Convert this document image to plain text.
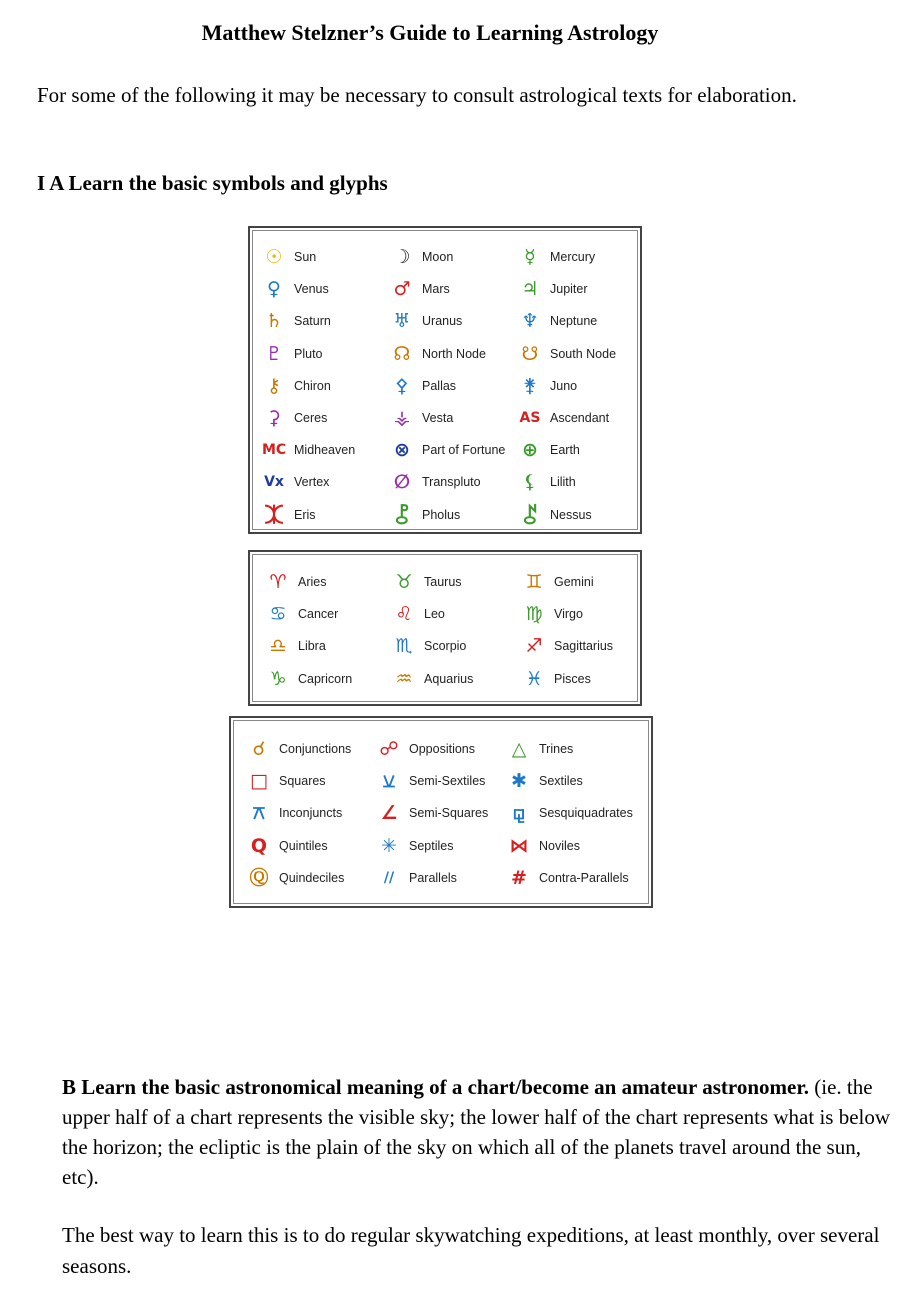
Matthew Stelzner’s Guide to Learning Astrology
For some of the following it may be necessary to consult astrological texts for elaboration.
I A Learn the basic symbols and glyphs
☉ Sun	☽ Moon	☿	Mercury
♀	Venus	♂ Mars	♃ Jupiter
♄ Saturn	♅ Uranus	♆ Neptune
♇ Pluto	☊ North Node ☋ South Node
⚷	Chiron	⚴	Pallas	⚵	Juno
⚳	Ceres	⚶ Vesta	AS Ascendant
MC Midheaven ⊗ Part of Fortune ⊕ Earth
Vx Vertex	∅ Transpluto ⚸	Lilith
⯰ Eris	⯛	Pholus	⯜	Nessus
♈ Aries	♉ Taurus	♊ Gemini
♋ Cancer	♌ Leo	♍ Virgo
♎ Libra	♏ Scorpio	♐ Sagittarius
♑ Capricorn ♒ Aquarius	♓ Pisces
☌	Conjunctions ☍ Oppositions △	Trines
□ Squares	⚺	Semi-Sextiles ✱ Sextiles
⚻	Inconjuncts ∠ Semi-Squares ⚼	Sesquiquadrates
Q Quintiles	✳ Septiles	⋈ Noviles
Ⓠ Quindeciles	//	Parallels	# Contra-Parallels
B Learn the basic astronomical meaning of a chart/become an amateur astronomer. (ie. the upper half of a chart represents the visible sky; the lower half of the chart represents what is below the horizon; the ecliptic is the plain of the sky on which all of the planets travel around the sun, etc).
The best way to learn this is to do regular skywatching expeditions, at least monthly, over several seasons.
